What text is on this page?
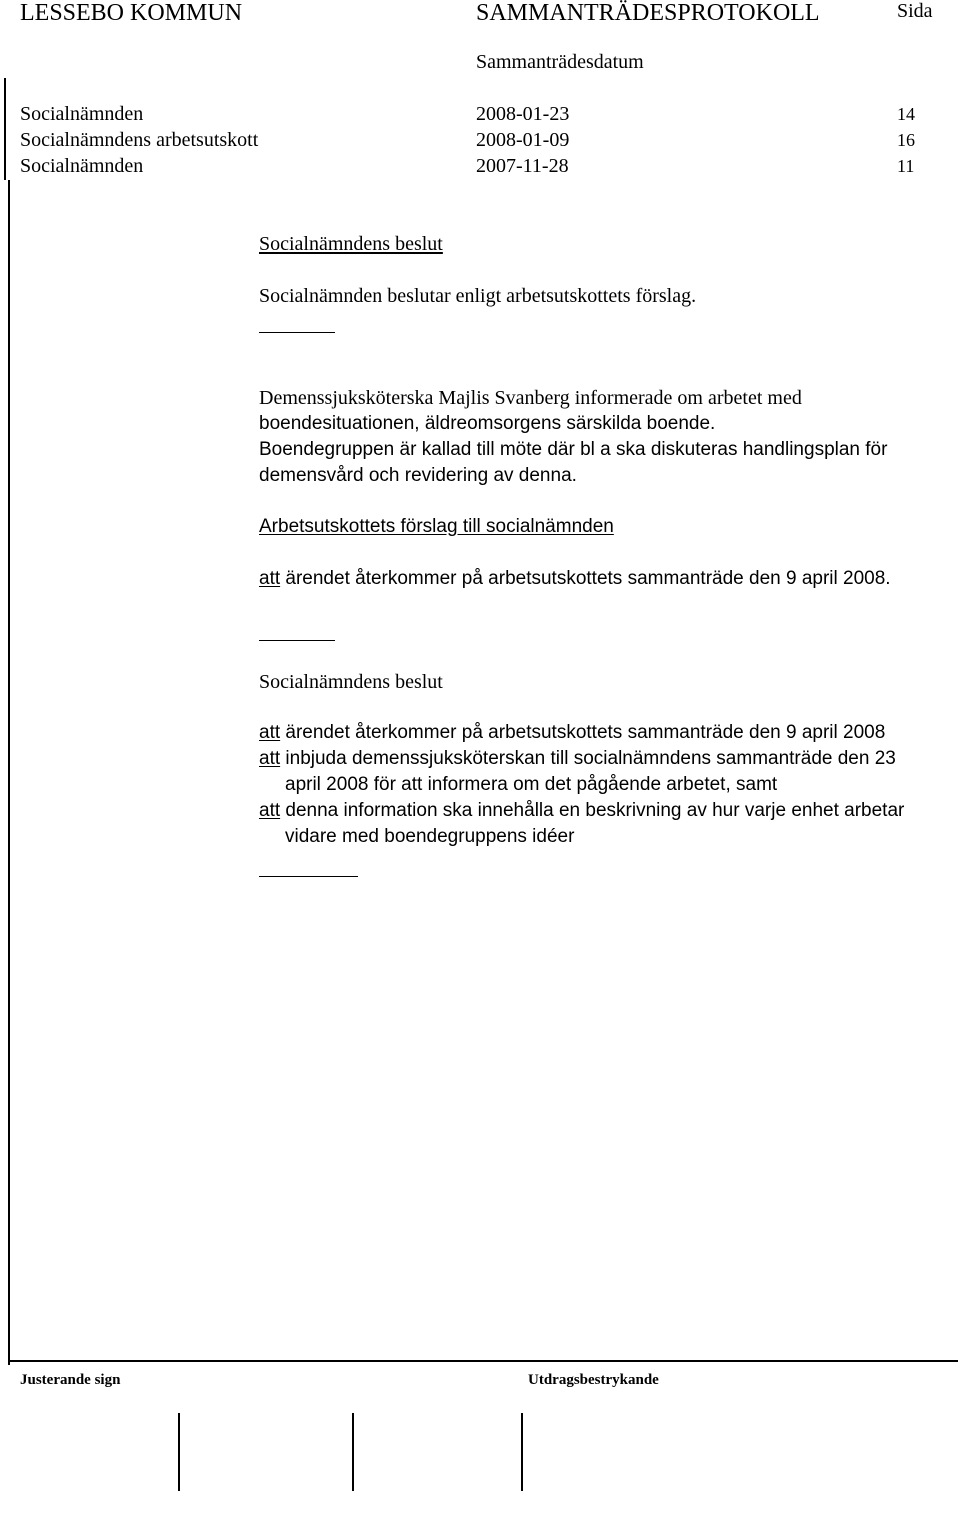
LESSEBO KOMMUN	SAMMANTRÄDESPROTOKOLL	Sida
Sammanträdesdatum
Socialnämnden	2008-01-23	14
Socialnämndens arbetsutskott	2008-01-09	16
Socialnämnden	2007-11-28	11
Socialnämndens beslut
Socialnämnden beslutar enligt arbetsutskottets förslag.
Demenssjuksköterska Majlis Svanberg informerade om arbetet med
boendesituationen, äldreomsorgens särskilda boende.
Boendegruppen är kallad till möte där bl a ska diskuteras handlingsplan för
demensvård och revidering av denna.
Arbetsutskottets förslag till socialnämnden
att ärendet återkommer på arbetsutskottets sammanträde den 9 april 2008.
Socialnämndens beslut
att ärendet återkommer på arbetsutskottets sammanträde den 9 april 2008
att inbjuda demenssjuksköterskan till socialnämndens sammanträde den 23
april 2008 för att informera om det pågående arbetet, samt
att denna information ska innehålla en beskrivning av hur varje enhet arbetar
vidare med boendegruppens idéer
Justerande sign	Utdragsbestrykande
